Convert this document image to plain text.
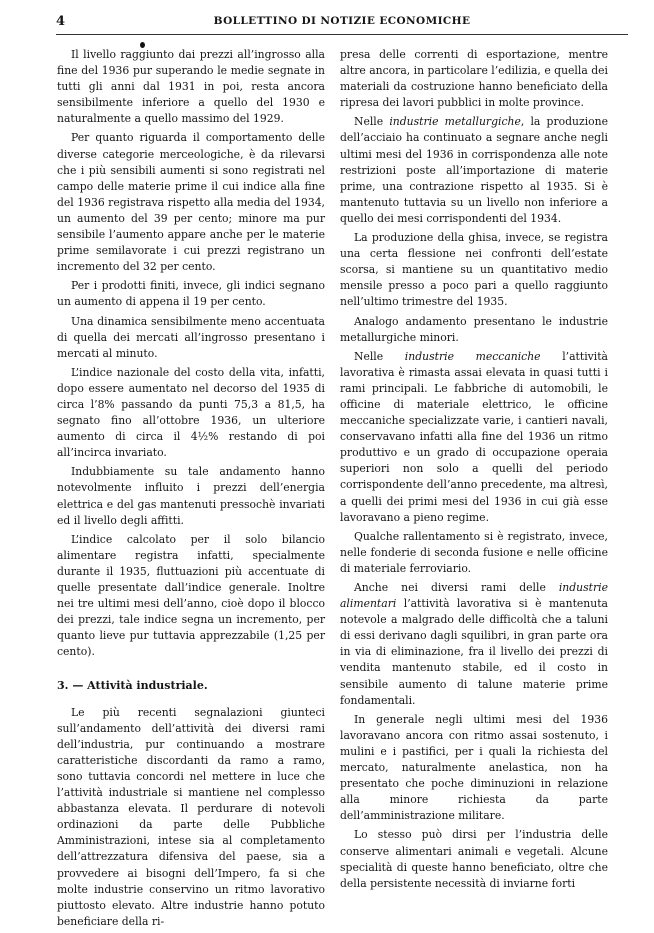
4	BOLLETTINO DI NOTIZIE ECONOMICHE

Il livello raggiunto dai prezzi all’ingrosso alla fine del 1936 pur superando le medie segnate in tutti gli anni dal 1931 in poi, resta ancora sensibilmente inferiore a quello del 1930 e naturalmente a quello massimo del 1929.

Per quanto riguarda il comportamento delle diverse categorie merceologiche, è da rilevarsi che i più sensibili aumenti si sono registrati nel campo delle materie prime il cui indice alla fine del 1936 registrava rispetto alla media del 1934, un aumento del 39 per cento; minore ma pur sensibile l’aumento appare anche per le materie prime semilavorate i cui prezzi registrano un incremento del 32 per cento.

Per i prodotti finiti, invece, gli indici segnano un aumento di appena il 19 per cento.

Una dinamica sensibilmente meno accentuata di quella dei mercati all’ingrosso presentano i mercati al minuto.

L’indice nazionale del costo della vita, infatti, dopo essere aumentato nel decorso del 1935 di circa l’8% passando da punti 75,3 a 81,5, ha segnato fino all’ottobre 1936, un ulteriore aumento di circa il 4½% restando di poi all’incirca invariato.

Indubbiamente su tale andamento hanno notevolmente influito i prezzi dell’energia elettrica e del gas mantenuti pressochè invariati ed il livello degli affitti.

L’indice calcolato per il solo bilancio alimentare registra infatti, specialmente durante il 1935, fluttuazioni più accentuate di quelle presentate dall’indice generale. Inoltre nei tre ultimi mesi dell’anno, cioè dopo il blocco dei prezzi, tale indice segna un incremento, per quanto lieve pur tuttavia apprezzabile (1,25 per cento).

3. — Attività industriale.

Le più recenti segnalazioni giunteci sull’andamento dell’attività dei diversi rami dell’industria, pur continuando a mostrare caratteristiche discordanti da ramo a ramo, sono tuttavia concordi nel mettere in luce che l’attività industriale si mantiene nel complesso abbastanza elevata. Il perdurare di notevoli ordinazioni da parte delle Pubbliche Amministrazioni, intese sia al completamento dell’attrezzatura difensiva del paese, sia a provvedere ai bisogni dell’Impero, fa si che molte industrie conservino un ritmo lavorativo piuttosto elevato. Altre industrie hanno potuto beneficiare della ri-

presa delle correnti di esportazione, mentre altre ancora, in particolare l’edilizia, e quella dei materiali da costruzione hanno beneficiato della ripresa dei lavori pubblici in molte province.

Nelle industrie metallurgiche, la produzione dell’acciaio ha continuato a segnare anche negli ultimi mesi del 1936 in corrispondenza alle note restrizioni poste all’importazione di materie prime, una contrazione rispetto al 1935. Si è mantenuto tuttavia su un livello non inferiore a quello dei mesi corrispondenti del 1934.

La produzione della ghisa, invece, se registra una certa flessione nei confronti dell’estate scorsa, si mantiene su un quantitativo medio mensile presso a poco pari a quello raggiunto nell’ultimo trimestre del 1935.

Analogo andamento presentano le industrie metallurgiche minori.

Nelle industrie meccaniche l’attività lavorativa è rimasta assai elevata in quasi tutti i rami principali. Le fabbriche di automobili, le officine di materiale elettrico, le officine meccaniche specializzate varie, i cantieri navali, conservavano infatti alla fine del 1936 un ritmo produttivo e un grado di occupazione operaia superiori non solo a quelli del periodo corrispondente dell’anno precedente, ma altresì, a quelli dei primi mesi del 1936 in cui già esse lavoravano a pieno regime.

Qualche rallentamento si è registrato, invece, nelle fonderie di seconda fusione e nelle officine di materiale ferroviario.

Anche nei diversi rami delle industrie alimentari l’attività lavorativa si è mantenuta notevole a malgrado delle difficoltà che a taluni di essi derivano dagli squilibri, in gran parte ora in via di eliminazione, fra il livello dei prezzi di vendita mantenuto stabile, ed il costo in sensibile aumento di talune materie prime fondamentali.

In generale negli ultimi mesi del 1936 lavoravano ancora con ritmo assai sostenuto, i mulini e i pastifici, per i quali la richiesta del mercato, naturalmente anelastica, non ha presentato che poche diminuzioni in relazione alla minore richiesta da parte dell’amministrazione militare.

Lo stesso può dirsi per l’industria delle conserve alimentari animali e vegetali. Alcune specialità di queste hanno beneficiato, oltre che della persistente necessità di inviarne forti
